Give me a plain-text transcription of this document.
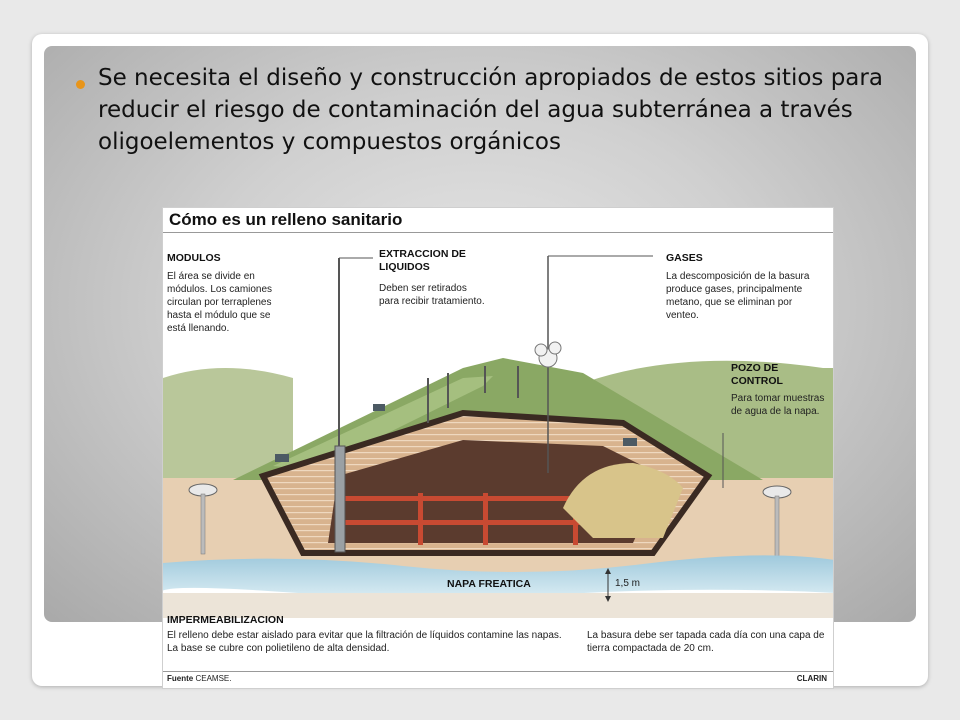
Se necesita el diseño y construcción apropiados de estos sitios para reducir el riesgo de contaminación del agua subterránea a través oligoelementos y compuestos orgánicos

Cómo es un relleno sanitario

MODULOS

El área se divide en módulos. Los camiones circulan por terraplenes hasta el módulo que se está llenando.

EXTRACCION DE LIQUIDOS

Deben ser retirados para recibir tratamiento.

GASES

La descomposición de la basura produce gases, principalmente metano, que se eliminan por venteo.

POZO DE CONTROL

Para tomar muestras de agua de la napa.

NAPA FREATICA	1,5 m

IMPERMEABILIZACION

El relleno debe estar aislado para evitar que la filtración de líquidos contamine las napas. La base se cubre con polietileno de alta densidad.

La basura debe ser tapada cada día con una capa de tierra compactada de 20 cm.

Fuente CEAMSE.	CLARIN
